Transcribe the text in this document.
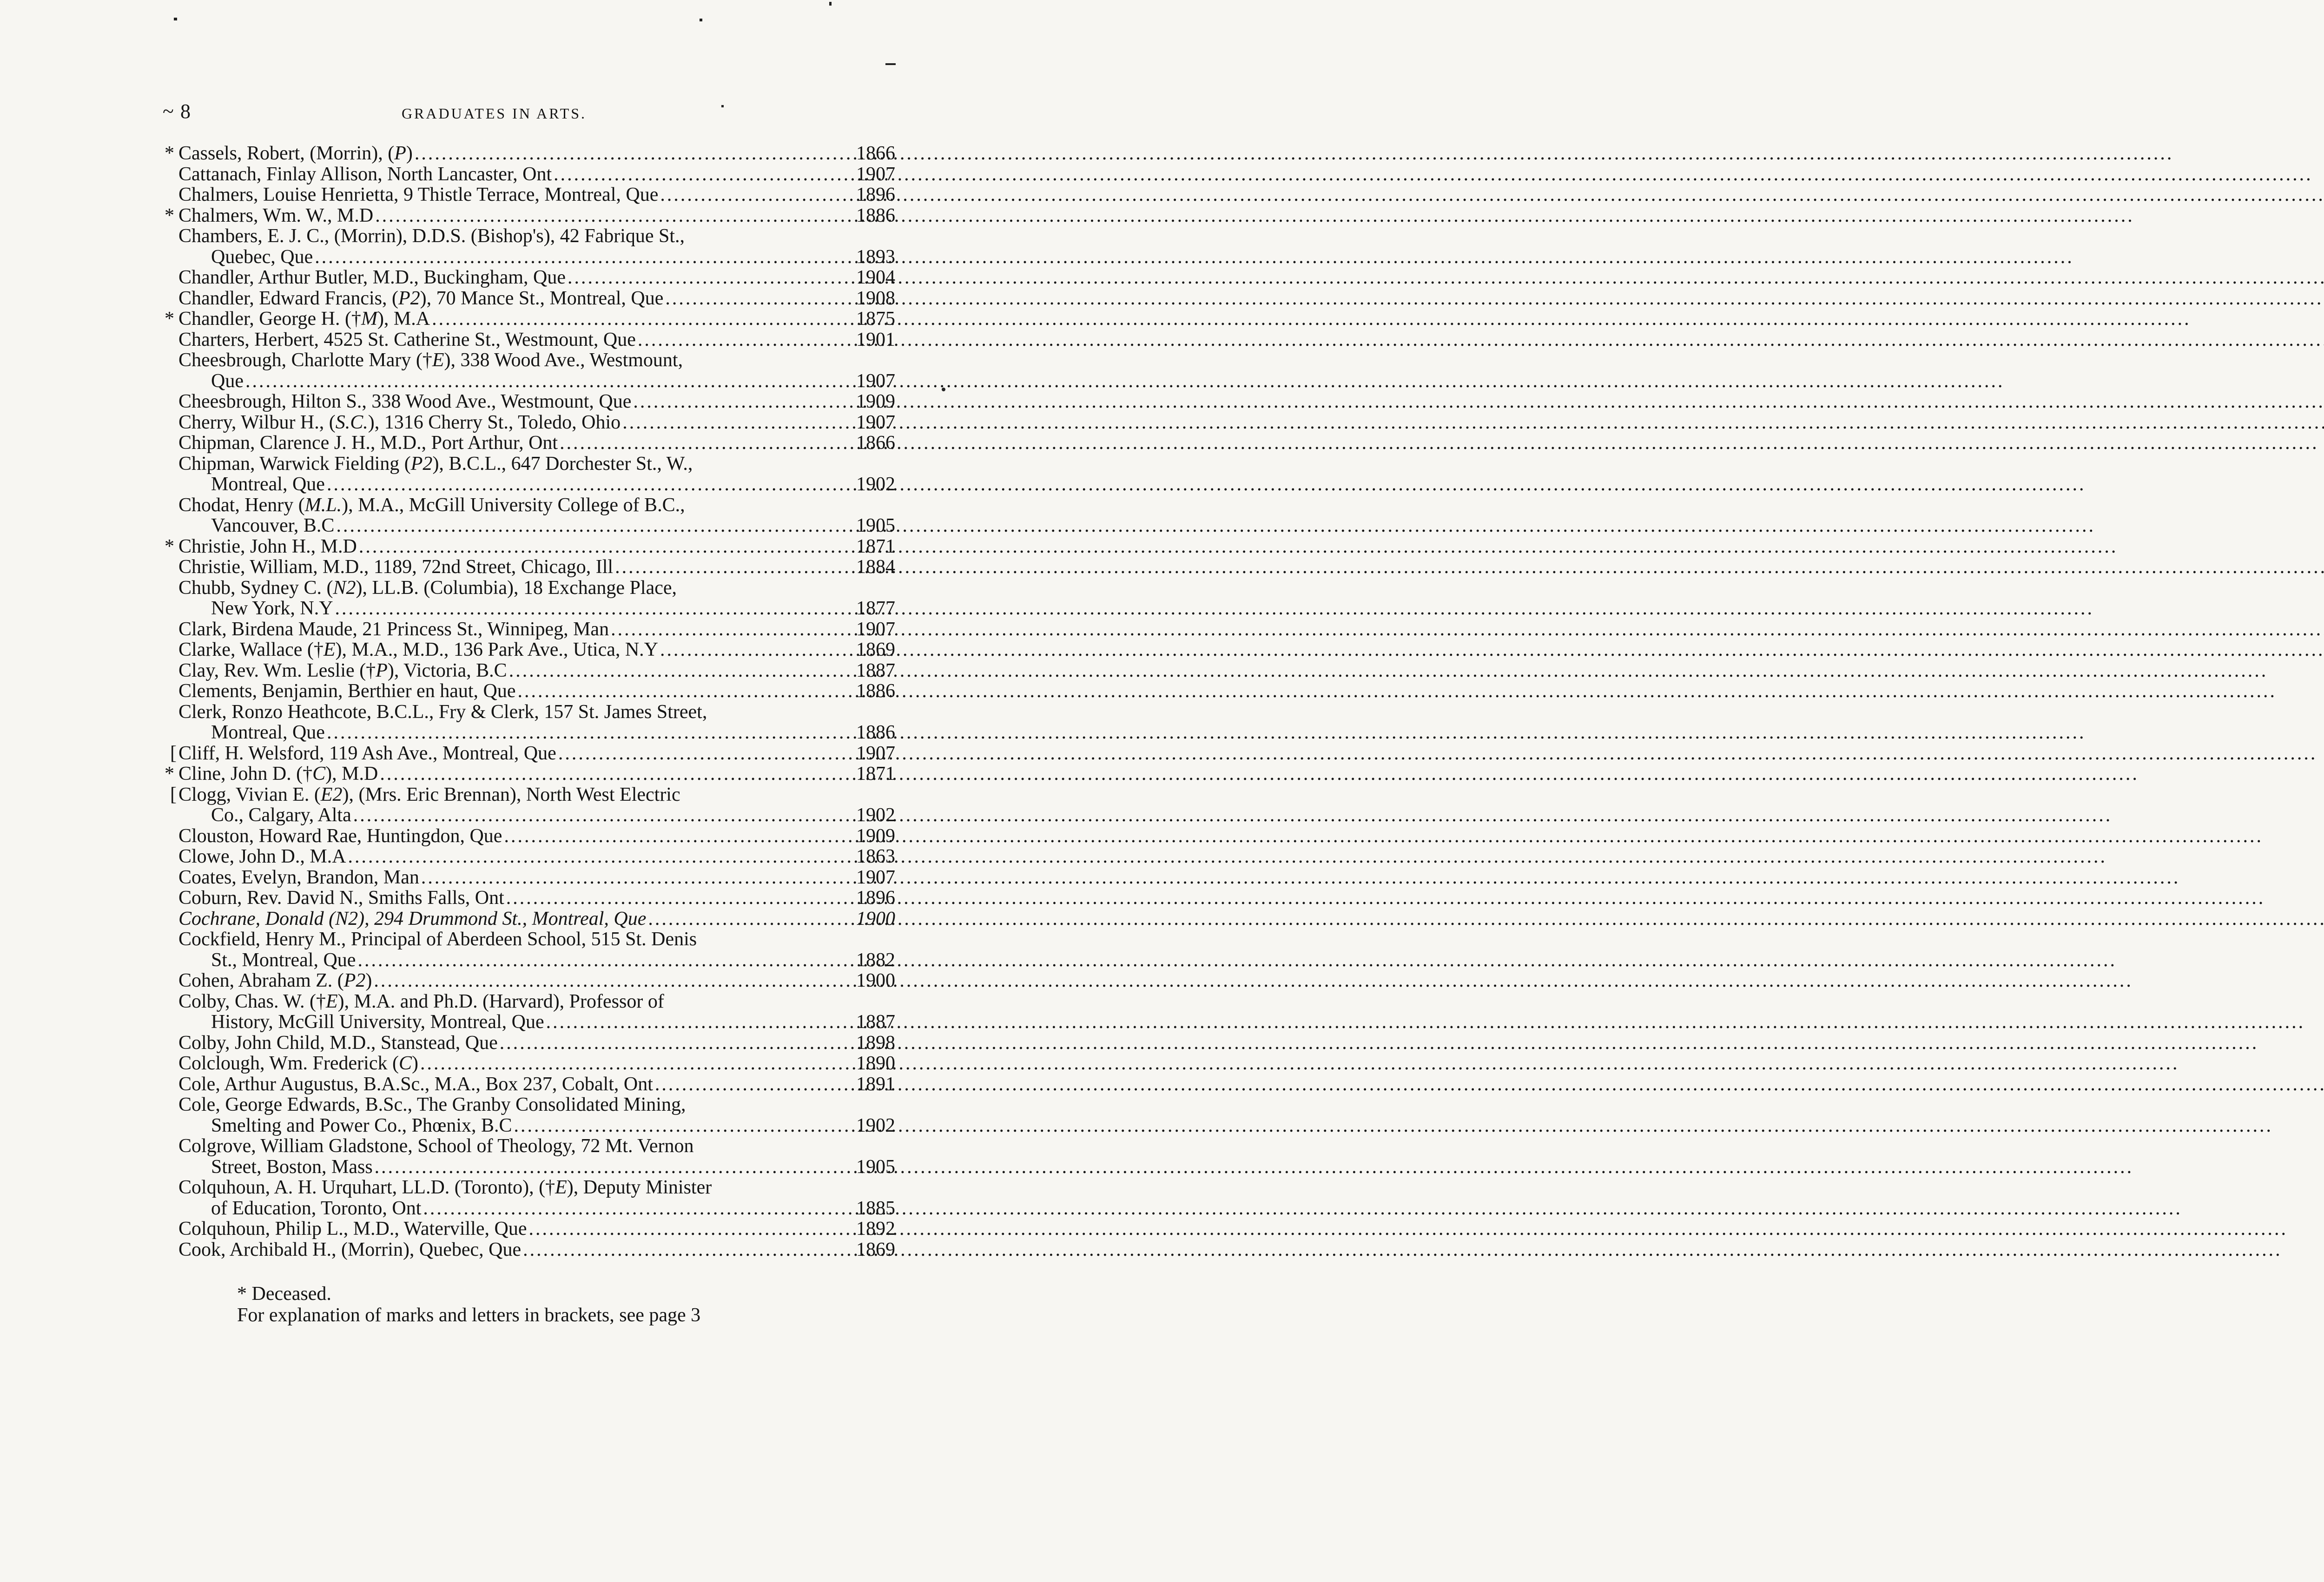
~ 8	GRADUATES IN ARTS.
* Cassels, Robert, (Morrin), (P) .....	1866
Cattanach, Finlay Allison, North Lancaster, Ont .....	1907
Chalmers, Louise Henrietta, 9 Thistle Terrace, Montreal, Que .....	1896
* Chalmers, Wm. W., M.D .....	1886
Chambers, E. J. C., (Morrin), D.D.S. (Bishop's), 42 Fabrique St.,
Quebec, Que .....	1893
Chandler, Arthur Butler, M.D., Buckingham, Que .....	1904
Chandler, Edward Francis, (P2), 70 Mance St., Montreal, Que .....	1908
* Chandler, George H. (†M), M.A .....	1875
Charters, Herbert, 4525 St. Catherine St., Westmount, Que .....	1901
Cheesbrough, Charlotte Mary (†E), 338 Wood Ave., Westmount,
Que .....	1907
Cheesbrough, Hilton S., 338 Wood Ave., Westmount, Que .....	1909
Cherry, Wilbur H., (S.C.), 1316 Cherry St., Toledo, Ohio .....	1907
Chipman, Clarence J. H., M.D., Port Arthur, Ont .....	1866
Chipman, Warwick Fielding (P2), B.C.L., 647 Dorchester St., W.,
Montreal, Que .....	1902
Chodat, Henry (M.L.), M.A., McGill University College of B.C.,
Vancouver, B.C .....	1905
* Christie, John H., M.D .....	1871
Christie, William, M.D., 1189, 72nd Street, Chicago, Ill .....	1884
Chubb, Sydney C. (N2), LL.B. (Columbia), 18 Exchange Place,
New York, N.Y .....	1877
Clark, Birdena Maude, 21 Princess St., Winnipeg, Man .....	1907
Clarke, Wallace (†E), M.A., M.D., 136 Park Ave., Utica, N.Y .....	1869
Clay, Rev. Wm. Leslie (†P), Victoria, B.C .....	1887
Clements, Benjamin, Berthier en haut, Que .....	1886
Clerk, Ronzo Heathcote, B.C.L., Fry & Clerk, 157 St. James Street,
Montreal, Que .....	1886
[ Cliff, H. Welsford, 119 Ash Ave., Montreal, Que .....	1907
* Cline, John D. (†C), M.D .....	1871
[ Clogg, Vivian E. (E2), (Mrs. Eric Brennan), North West Electric
Co., Calgary, Alta .....	1902
Clouston, Howard Rae, Huntingdon, Que .....	1909
Clowe, John D., M.A .....	1863
Coates, Evelyn, Brandon, Man .....	1907
Coburn, Rev. David N., Smiths Falls, Ont .....	1896
Cochrane, Donald (N2), 294 Drummond St., Montreal, Que .....	1900
Cockfield, Henry M., Principal of Aberdeen School, 515 St. Denis
St., Montreal, Que .....	1882
Cohen, Abraham Z. (P2) .....	1900
Colby, Chas. W. (†E), M.A. and Ph.D. (Harvard), Professor of
History, McGill University, Montreal, Que .....	1887
Colby, John Child, M.D., Stanstead, Que .....	1898
Colclough, Wm. Frederick (C) .....	1890
Cole, Arthur Augustus, B.A.Sc., M.A., Box 237, Cobalt, Ont .....	1891
Cole, George Edwards, B.Sc., The Granby Consolidated Mining,
Smelting and Power Co., Phœnix, B.C .....	1902
Colgrove, William Gladstone, School of Theology, 72 Mt. Vernon
Street, Boston, Mass .....	1905
Colquhoun, A. H. Urquhart, LL.D. (Toronto), (†E), Deputy Minister
of Education, Toronto, Ont .....	1885
Colquhoun, Philip L., M.D., Waterville, Que .....	1892
Cook, Archibald H., (Morrin), Quebec, Que .....	1869
* Deceased.
For explanation of marks and letters in brackets, see page 3
